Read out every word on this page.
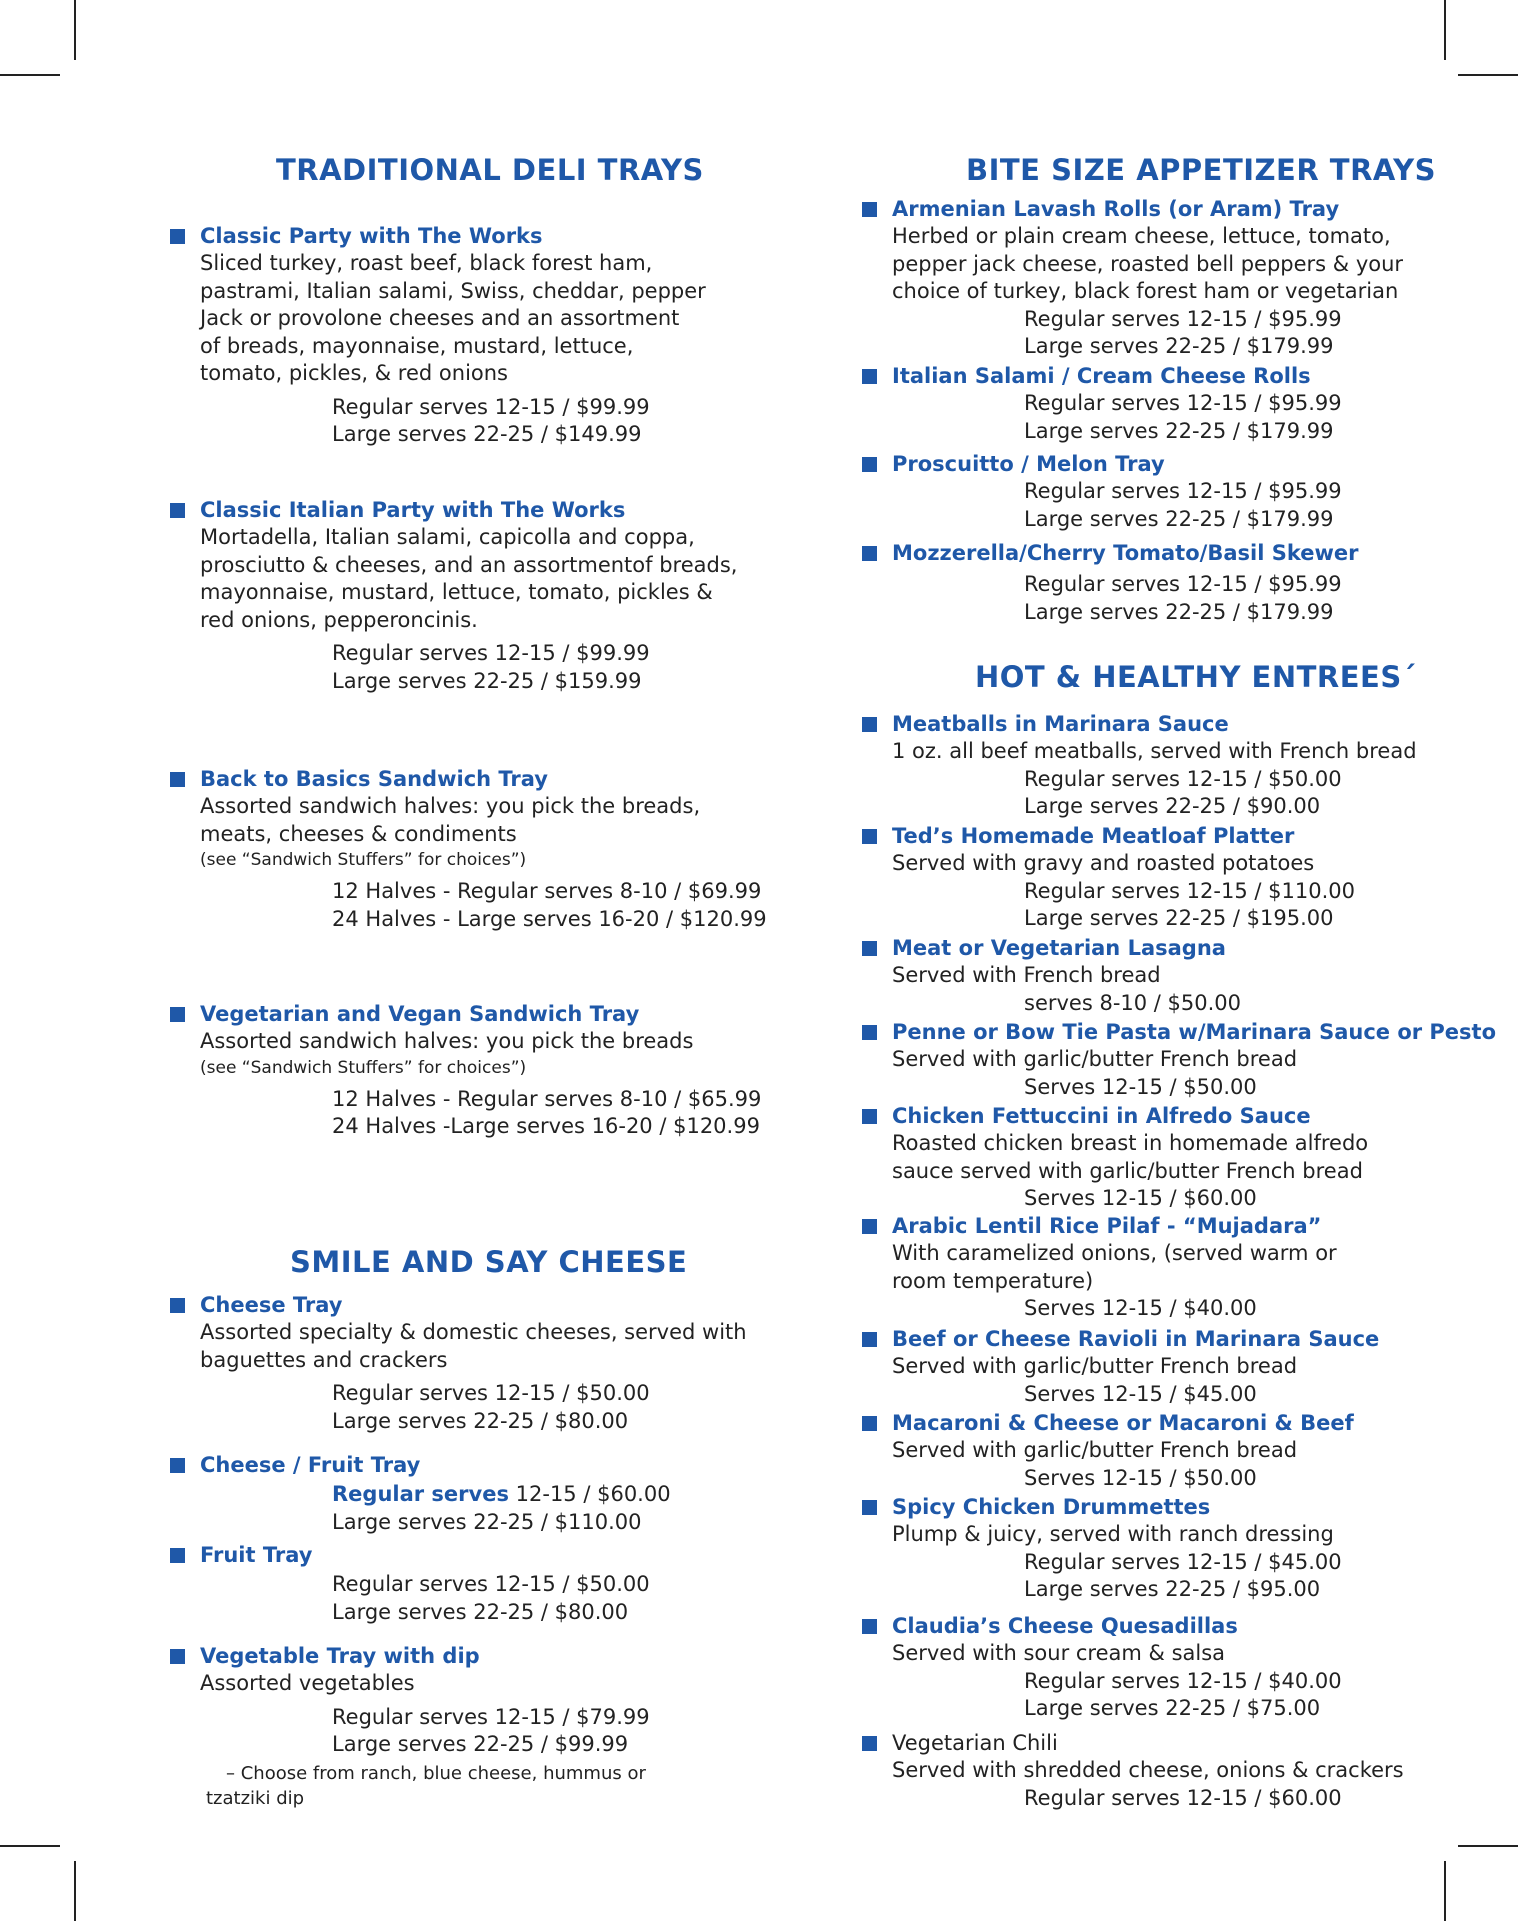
TRADITIONAL DELI TRAYS
Classic Party with The Works
Sliced turkey, roast beef, black forest ham,
pastrami, Italian salami, Swiss, cheddar, pepper
Jack or provolone cheeses and an assortment
of breads, mayonnaise, mustard, lettuce,
tomato, pickles, & red onions
Regular serves 12-15 / $99.99
Large serves 22-25 / $149.99
Classic Italian Party with The Works
Mortadella, Italian salami, capicolla and coppa,
prosciutto & cheeses, and an assortmentof breads,
mayonnaise, mustard, lettuce, tomato, pickles &
red onions, pepperoncinis.
Regular serves 12-15 / $99.99
Large serves 22-25 / $159.99
Back to Basics Sandwich Tray
Assorted sandwich halves: you pick the breads,
meats, cheeses & condiments
(see “Sandwich Stuffers” for choices”)
12 Halves - Regular serves 8-10 / $69.99
24 Halves - Large serves 16-20 / $120.99
Vegetarian and Vegan Sandwich Tray
Assorted sandwich halves: you pick the breads
(see “Sandwich Stuffers” for choices”)
12 Halves - Regular serves 8-10 / $65.99
24 Halves -Large serves 16-20 / $120.99
SMILE AND SAY CHEESE
Cheese Tray
Assorted specialty & domestic cheeses, served with
baguettes and crackers
Regular serves 12-15 / $50.00
Large serves 22-25 / $80.00
Cheese / Fruit Tray
Regular serves 12-15 / $60.00
Large serves 22-25 / $110.00
Fruit Tray
Regular serves 12-15 / $50.00
Large serves 22-25 / $80.00
Vegetable Tray with dip
Assorted vegetables
Regular serves 12-15 / $79.99
Large serves 22-25 / $99.99
– Choose from ranch, blue cheese, hummus or
tzatziki dip
BITE SIZE APPETIZER TRAYS
Armenian Lavash Rolls (or Aram) Tray
Herbed or plain cream cheese, lettuce, tomato,
pepper jack cheese, roasted bell peppers & your
choice of turkey, black forest ham or vegetarian
Regular serves 12-15 / $95.99
Large serves 22-25 / $179.99
Italian Salami / Cream Cheese Rolls
Regular serves 12-15 / $95.99
Large serves 22-25 / $179.99
Proscuitto / Melon Tray
Regular serves 12-15 / $95.99
Large serves 22-25 / $179.99
Mozzerella/Cherry Tomato/Basil Skewer
Regular serves 12-15 / $95.99
Large serves 22-25 / $179.99
HOT & HEALTHY ENTREES´
Meatballs in Marinara Sauce
1 oz. all beef meatballs, served with French bread
Regular serves 12-15 / $50.00
Large serves 22-25 / $90.00
Ted’s Homemade Meatloaf Platter
Served with gravy and roasted potatoes
Regular serves 12-15 / $110.00
Large serves 22-25 / $195.00
Meat or Vegetarian Lasagna
Served with French bread
serves 8-10 / $50.00
Penne or Bow Tie Pasta w/Marinara Sauce or Pesto
Served with garlic/butter French bread
Serves 12-15 / $50.00
Chicken Fettuccini in Alfredo Sauce
Roasted chicken breast in homemade alfredo
sauce served with garlic/butter French bread
Serves 12-15 / $60.00
Arabic Lentil Rice Pilaf - “Mujadara”
With caramelized onions, (served warm or
room temperature)
Serves 12-15 / $40.00
Beef or Cheese Ravioli in Marinara Sauce
Served with garlic/butter French bread
Serves 12-15 / $45.00
Macaroni & Cheese or Macaroni & Beef
Served with garlic/butter French bread
Serves 12-15 / $50.00
Spicy Chicken Drummettes
Plump & juicy, served with ranch dressing
Regular serves 12-15 / $45.00
Large serves 22-25 / $95.00
Claudia’s Cheese Quesadillas
Served with sour cream & salsa
Regular serves 12-15 / $40.00
Large serves 22-25 / $75.00
Vegetarian Chili
Served with shredded cheese, onions & crackers
Regular serves 12-15 / $60.00
